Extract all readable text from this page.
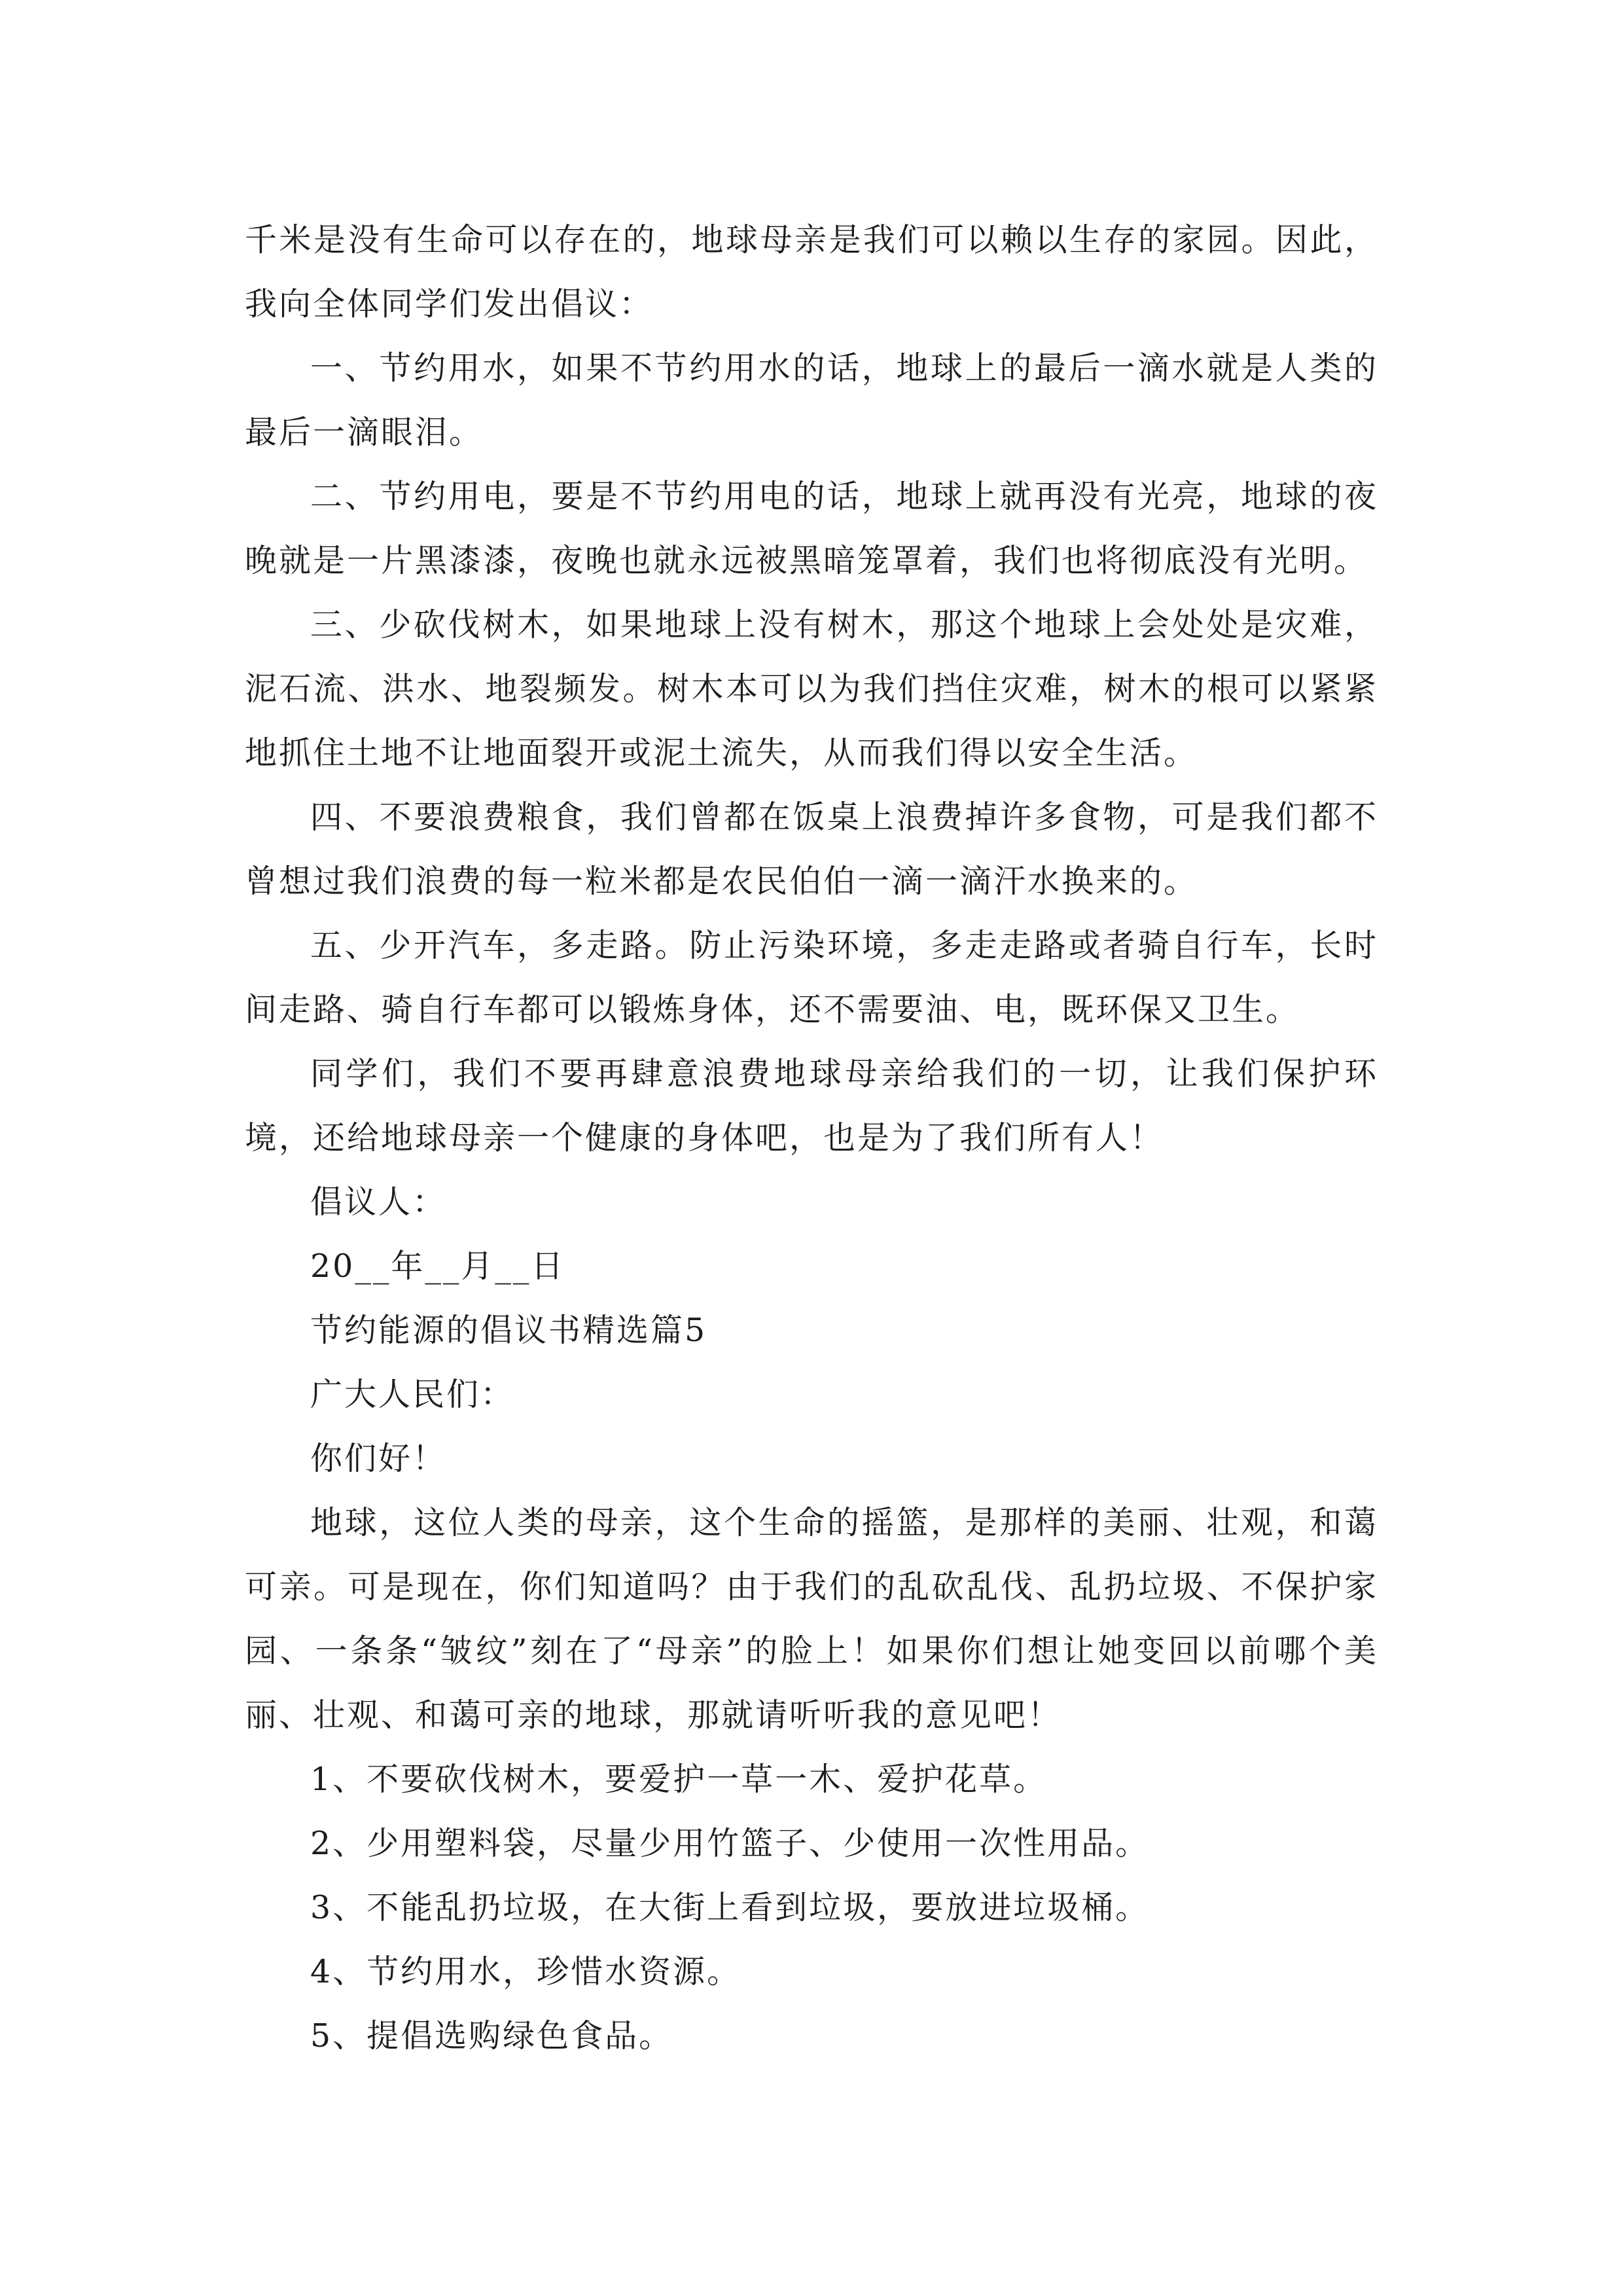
千米是没有生命可以存在的，地球母亲是我们可以赖以生存的家园。因此，我向全体同学们发出倡议：

一、节约用水，如果不节约用水的话，地球上的最后一滴水就是人类的最后一滴眼泪。

二、节约用电，要是不节约用电的话，地球上就再没有光亮，地球的夜晚就是一片黑漆漆，夜晚也就永远被黑暗笼罩着，我们也将彻底没有光明。

三、少砍伐树木，如果地球上没有树木，那这个地球上会处处是灾难，泥石流、洪水、地裂频发。树木本可以为我们挡住灾难，树木的根可以紧紧地抓住土地不让地面裂开或泥土流失，从而我们得以安全生活。

四、不要浪费粮食，我们曾都在饭桌上浪费掉许多食物，可是我们都不曾想过我们浪费的每一粒米都是农民伯伯一滴一滴汗水换来的。

五、少开汽车，多走路。防止污染环境，多走走路或者骑自行车，长时间走路、骑自行车都可以锻炼身体，还不需要油、电，既环保又卫生。

同学们，我们不要再肆意浪费地球母亲给我们的一切，让我们保护环境，还给地球母亲一个健康的身体吧，也是为了我们所有人！

倡议人：

20__年__月__日

节约能源的倡议书精选篇5

广大人民们：

你们好！

地球，这位人类的母亲，这个生命的摇篮，是那样的美丽、壮观，和蔼可亲。可是现在，你们知道吗？由于我们的乱砍乱伐、乱扔垃圾、不保护家园、一条条“皱纹”刻在了“母亲”的脸上！如果你们想让她变回以前哪个美丽、壮观、和蔼可亲的地球，那就请听听我的意见吧！

1、不要砍伐树木，要爱护一草一木、爱护花草。

2、少用塑料袋，尽量少用竹篮子、少使用一次性用品。

3、不能乱扔垃圾，在大街上看到垃圾，要放进垃圾桶。

4、节约用水，珍惜水资源。

5、提倡选购绿色食品。
